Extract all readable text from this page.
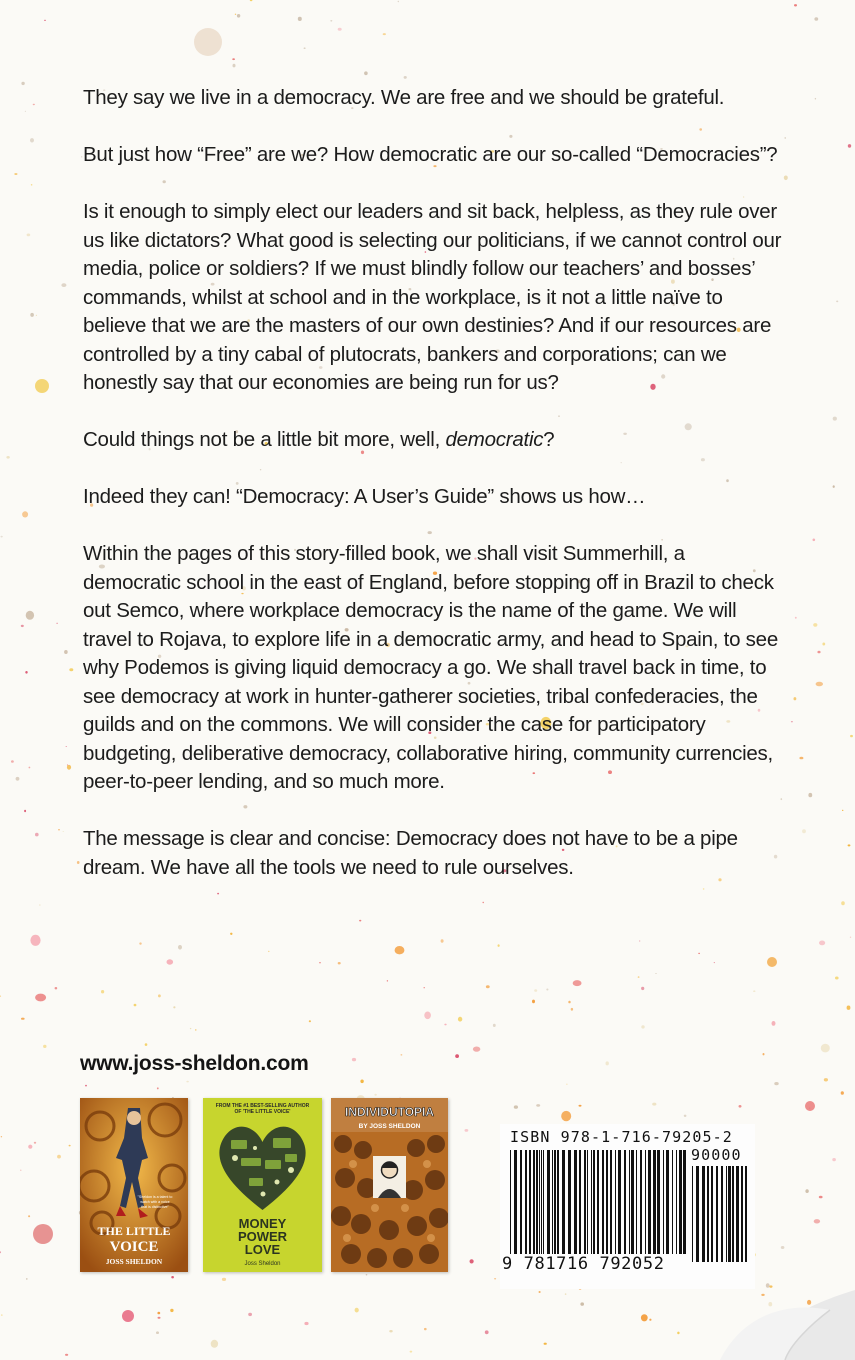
They say we live in a democracy. We are free and we should be grateful.

But just how “Free” are we? How democratic are our so-called “Democracies”?

Is it enough to simply elect our leaders and sit back, helpless, as they rule over us like dictators? What good is selecting our politicians, if we cannot control our media, police or soldiers? If we must blindly follow our teachers’ and bosses’ commands, whilst at school and in the workplace, is it not a little naïve to believe that we are the masters of our own destinies? And if our resources are controlled by a tiny cabal of plutocrats, bankers and corporations; can we honestly say that our economies are being run for us?

Could things not be a little bit more, well, democratic?

Indeed they can! “Democracy: A User’s Guide” shows us how…

Within the pages of this story-filled book, we shall visit Summerhill, a democratic school in the east of England, before stopping off in Brazil to check out Semco, where workplace democracy is the name of the game. We will travel to Rojava, to explore life in a democratic army, and head to Spain, to see why Podemos is giving liquid democracy a go. We shall travel back in time, to see democracy at work in hunter-gatherer societies, tribal confederacies, the guilds and on the commons. We will consider the case for participatory budgeting, deliberative democracy, collaborative hiring, community currencies, peer-to-peer lending, and so much more.

The message is clear and concise: Democracy does not have to be a pipe dream. We have all the tools we need to rule ourselves.

www.joss-sheldon.com
THE LITTLE
VOICE
JOSS SHELDON
"Sheldon is a talent to
watch with a voice
that is distinctive"
FROM THE #1 BEST-SELLING AUTHOR
OF 'THE LITTLE VOICE'
MONEY
POWER
LOVE
Joss Sheldon
INDIVIDUTOPIA
BY JOSS SHELDON
ISBN 978-1-716-79205-2
90000
9 781716 792052
